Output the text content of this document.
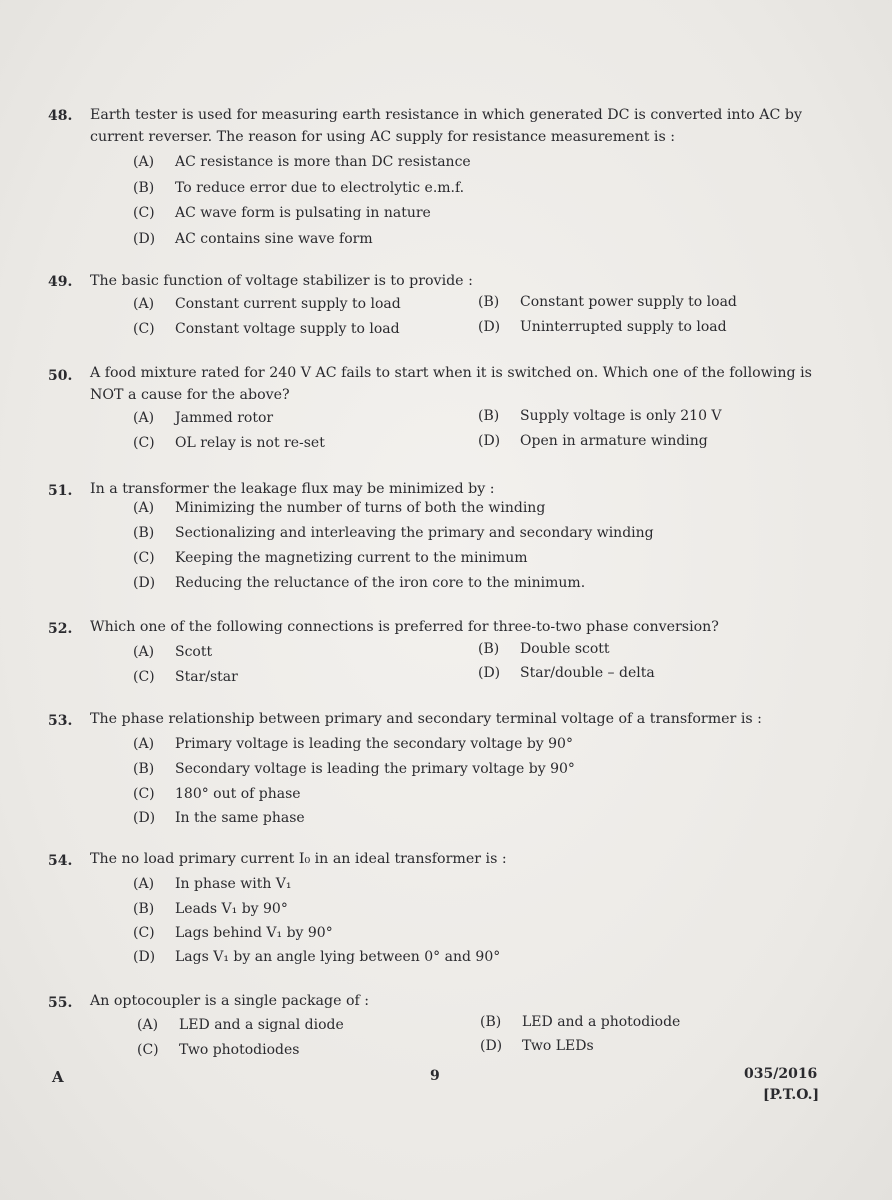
48. Earth tester is used for measuring earth resistance in which generated DC is converted into AC by current reverser. The reason for using AC supply for resistance measurement is :
(A) AC resistance is more than DC resistance
(B) To reduce error due to electrolytic e.m.f.
(C) AC wave form is pulsating in nature
(D) AC contains sine wave form
49. The basic function of voltage stabilizer is to provide :
(A) Constant current supply to load	(B) Constant power supply to load
(C) Constant voltage supply to load	(D) Uninterrupted supply to load
50. A food mixture rated for 240 V AC fails to start when it is switched on. Which one of the following is NOT a cause for the above?
(A) Jammed rotor	(B) Supply voltage is only 210 V
(C) OL relay is not re-set	(D) Open in armature winding
51. In a transformer the leakage flux may be minimized by :
(A) Minimizing the number of turns of both the winding
(B) Sectionalizing and interleaving the primary and secondary winding
(C) Keeping the magnetizing current to the minimum
(D) Reducing the reluctance of the iron core to the minimum.
52. Which one of the following connections is preferred for three-to-two phase conversion?
(A) Scott	(B) Double scott
(C) Star/star	(D) Star/double – delta
53. The phase relationship between primary and secondary terminal voltage of a transformer is :
(A) Primary voltage is leading the secondary voltage by 90°
(B) Secondary voltage is leading the primary voltage by 90°
(C) 180° out of phase
(D) In the same phase
54. The no load primary current I₀ in an ideal transformer is :
(A) In phase with V₁
(B) Leads V₁ by 90°
(C) Lags behind V₁ by 90°
(D) Lags V₁ by an angle lying between 0° and 90°
55. An optocoupler is a single package of :
(A) LED and a signal diode	(B) LED and a photodiode
(C) Two photodiodes	(D) Two LEDs
A	9	035/2016
[P.T.O.]
